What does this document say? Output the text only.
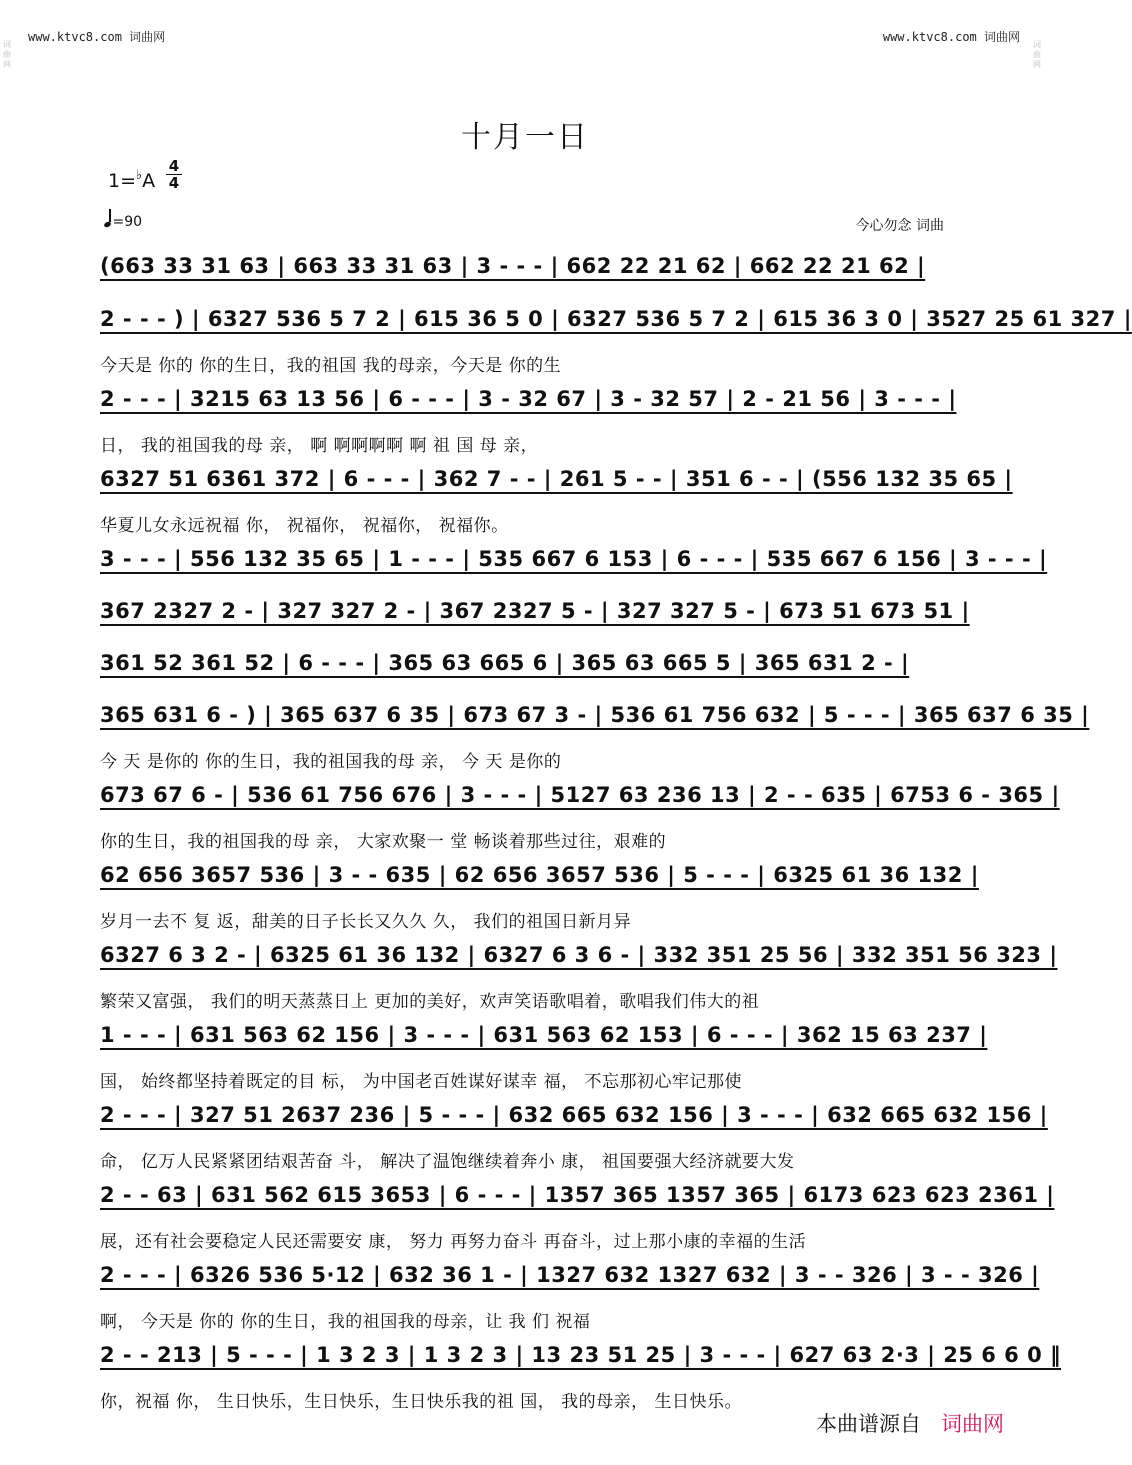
www.ktvc8.com 词曲网	www.ktvc8.com 词曲网
词曲网
词曲网
十月一日
$1=^♭A \frac{4}{4}$
=90	今心勿念 词曲
(663 33 31 63 | 663 33 31 63 | 3 - - - | 662 22 21 62 | 662 22 21 62 |
2 - - - ) | 6327 536 5 7 2 | 615 36 5 0 | 6327 536 5 7 2 | 615 36 3 0 | 3527 25 61 327 |
今天是 你的 你的生日，我的祖国 我的母亲，今天是 你的生
2 - - - | 3215 63 13 56 | 6 - - - | 3 - 32 67 | 3 - 32 57 | 2 - 21 56 | 3 - - - |
日， 我的祖国我的母 亲， 啊 啊啊啊啊 啊 祖 国 母 亲，
6327 51 6361 372 | 6 - - - | 362 7 - - | 261 5 - - | 351 6 - - | (556 132 35 65 |
华夏儿女永远祝福 你， 祝福你， 祝福你， 祝福你。
3 - - - | 556 132 35 65 | 1 - - - | 535 667 6 153 | 6 - - - | 535 667 6 156 | 3 - - - |
367 2327 2 - | 327 327 2 - | 367 2327 5 - | 327 327 5 - | 673 51 673 51 |
361 52 361 52 | 6 - - - | 365 63 665 6 | 365 63 665 5 | 365 631 2 - |
365 631 6 - ) | 365 637 6 35 | 673 67 3 - | 536 61 756 632 | 5 - - - | 365 637 6 35 |
今 天 是你的 你的生日，我的祖国我的母 亲， 今 天 是你的
673 67 6 - | 536 61 756 676 | 3 - - - | 5127 63 236 13 | 2 - - 635 | 6753 6 - 365 |
你的生日，我的祖国我的母 亲， 大家欢聚一 堂 畅谈着那些过往，艰难的
62 656 3657 536 | 3 - - 635 | 62 656 3657 536 | 5 - - - | 6325 61 36 132 |
岁月一去不 复 返，甜美的日子长长又久久 久， 我们的祖国日新月异
6327 6 3 2 - | 6325 61 36 132 | 6327 6 3 6 - | 332 351 25 56 | 332 351 56 323 |
繁荣又富强， 我们的明天蒸蒸日上 更加的美好，欢声笑语歌唱着，歌唱我们伟大的祖
1 - - - | 631 563 62 156 | 3 - - - | 631 563 62 153 | 6 - - - | 362 15 63 237 |
国， 始终都坚持着既定的目 标， 为中国老百姓谋好谋幸 福， 不忘那初心牢记那使
2 - - - | 327 51 2637 236 | 5 - - - | 632 665 632 156 | 3 - - - | 632 665 632 156 |
命， 亿万人民紧紧团结艰苦奋 斗， 解决了温饱继续着奔小 康， 祖国要强大经济就要大发
2 - - 63 | 631 562 615 3653 | 6 - - - | 1357 365 1357 365 | 6173 623 623 2361 |
展，还有社会要稳定人民还需要安 康， 努力 再努力奋斗 再奋斗，过上那小康的幸福的生活
2 - - - | 6326 536 5·12 | 632 36 1 - | 1327 632 1327 632 | 3 - - 326 | 3 - - 326 |
啊， 今天是 你的 你的生日，我的祖国我的母亲，让 我 们 祝福
2 - - 213 | 5 - - - | 1 3 2 3 | 1 3 2 3 | 13 23 51 25 | 3 - - - | 627 63 2·3 | 25 6 6 0 ‖
你，祝福 你， 生日快乐，生日快乐，生日快乐我的祖 国， 我的母亲， 生日快乐。
本曲谱源自 词曲网
